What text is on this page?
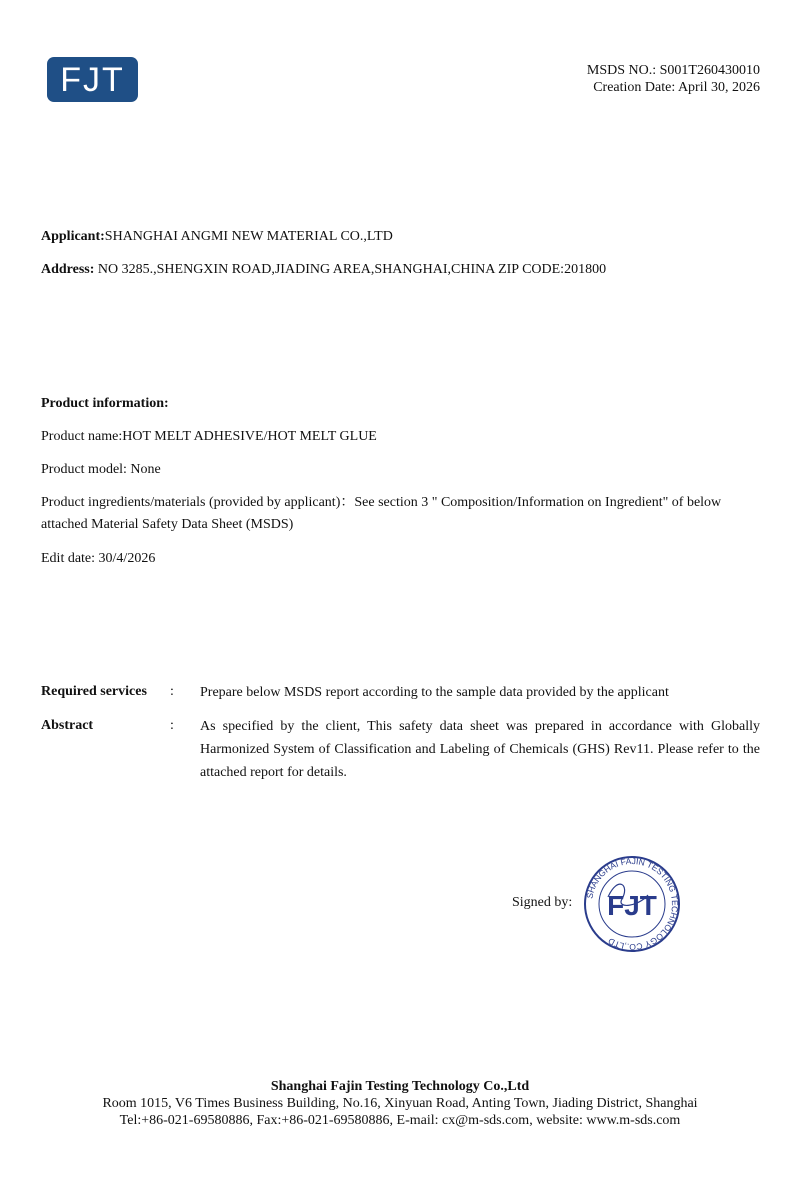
FJT	MSDS NO.: S001T260430010
Creation Date: April 30, 2026
Applicant:SHANGHAI ANGMI NEW MATERIAL CO.,LTD
Address: NO 3285.,SHENGXIN ROAD,JIADING AREA,SHANGHAI,CHINA ZIP CODE:201800
Product information:
Product name:HOT MELT ADHESIVE/HOT MELT GLUE
Product model: None
Product ingredients/materials (provided by applicant)：See section 3 " Composition/Information on Ingredient" of below attached Material Safety Data Sheet (MSDS)
Edit date: 30/4/2026
Required services : Prepare below MSDS report according to the sample data provided by the applicant
Abstract	: As specified by the client, This safety data sheet was prepared in accordance with Globally Harmonized System of Classification and Labeling of Chemicals (GHS) Rev11. Please refer to the attached report for details.
Signed by: SHANGHAI FAJIN TESTING TECHNOLOGY CO.,LTD
FJT
Shanghai Fajin Testing Technology Co.,Ltd
Room 1015, V6 Times Business Building, No.16, Xinyuan Road, Anting Town, Jiading District, Shanghai
Tel:+86-021-69580886, Fax:+86-021-69580886, E-mail: cx@m-sds.com, website: www.m-sds.com
